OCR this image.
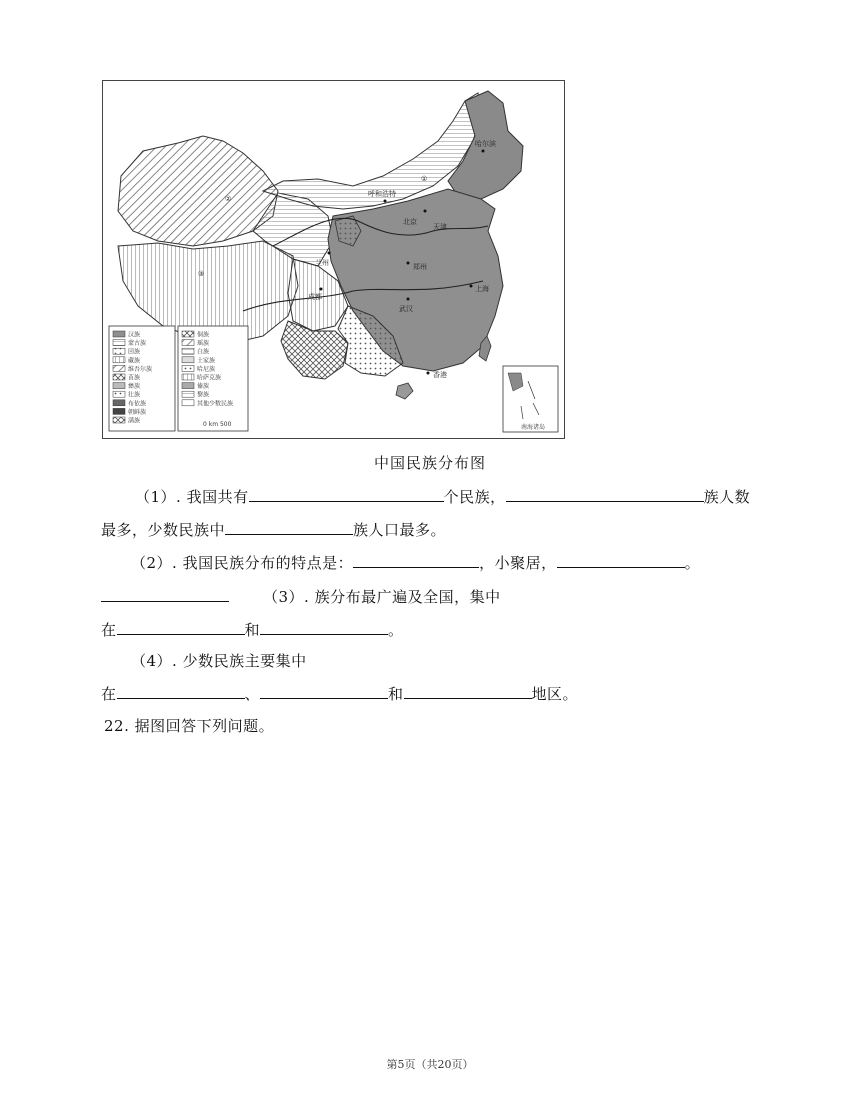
①
②
③
哈尔滨
北京
天津
呼和浩特
兰州	郑州
成都
武汉
上海
香港
汉族
蒙古族
回族
藏族
维吾尔族
苗族
彝族
壮族
布依族
朝鲜族
满族
侗族
瑶族
白族
土家族
哈尼族
哈萨克族
傣族
黎族
其他少数民族
0 km 500	南海诸岛
中国民族分布图
（1）. 我国共有	个民族，	族人数
最多，少数民族中	族人口最多。
（2）. 我国民族分布的特点是：	，小聚居，	。
（3）. 族分布最广遍及全国，集中
在	和	。
（4）. 少数民族主要集中
在	、	和	地区。
22. 据图回答下列问题。
第5页（共20页）
